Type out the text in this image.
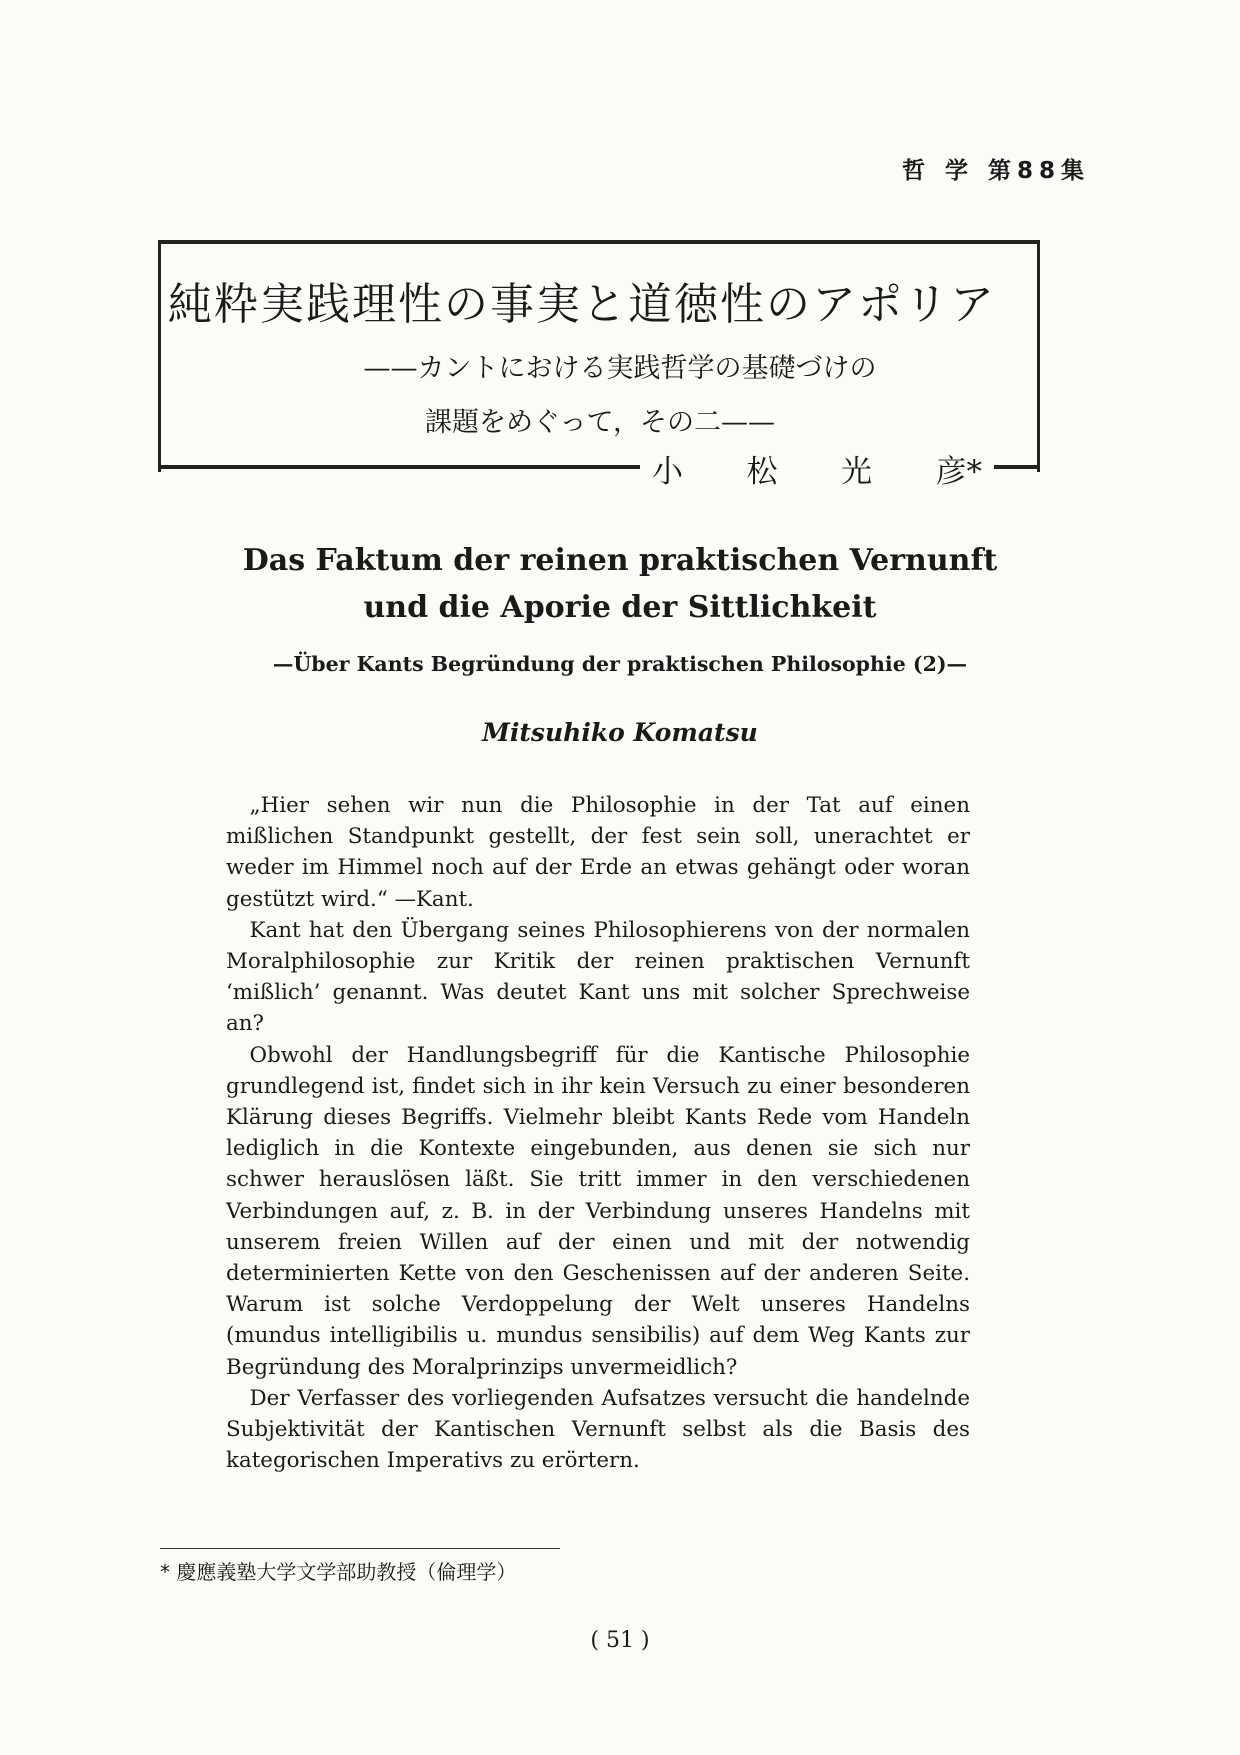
哲 学 第88集
純粋実践理性の事実と道徳性のアポリア
——カントにおける実践哲学の基礎づけの
課題をめぐって，その二——
小 松 光 彦*
Das Faktum der reinen praktischen Vernunft
und die Aporie der Sittlichkeit
—Über Kants Begründung der praktischen Philosophie (2)—
Mitsuhiko Komatsu

„Hier sehen wir nun die Philosophie in der Tat auf einen mißlichen Standpunkt gestellt, der fest sein soll, unerachtet er weder im Himmel noch auf der Erde an etwas gehängt oder woran gestützt wird.“ —Kant.

Kant hat den Übergang seines Philosophierens von der normalen Moralphilosophie zur Kritik der reinen praktischen Vernunft ‘mißlich’ genannt. Was deutet Kant uns mit solcher Sprechweise an?

Obwohl der Handlungsbegriff für die Kantische Philosophie grundlegend ist, findet sich in ihr kein Versuch zu einer besonderen Klärung dieses Begriffs. Vielmehr bleibt Kants Rede vom Handeln lediglich in die Kontexte eingebunden, aus denen sie sich nur schwer herauslösen läßt. Sie tritt immer in den verschiedenen Verbindungen auf, z. B. in der Verbindung unseres Handelns mit unserem freien Willen auf der einen und mit der notwendig determinierten Kette von den Geschenissen auf der anderen Seite. Warum ist solche Verdoppelung der Welt unseres Handelns (mundus intelligibilis u. mundus sensibilis) auf dem Weg Kants zur Begründung des Moralprinzips unvermeidlich?

Der Verfasser des vorliegenden Aufsatzes versucht die handelnde Subjektivität der Kantischen Vernunft selbst als die Basis des kategorischen Imperativs zu erörtern.

* 慶應義塾大学文学部助教授（倫理学）
( 51 )
